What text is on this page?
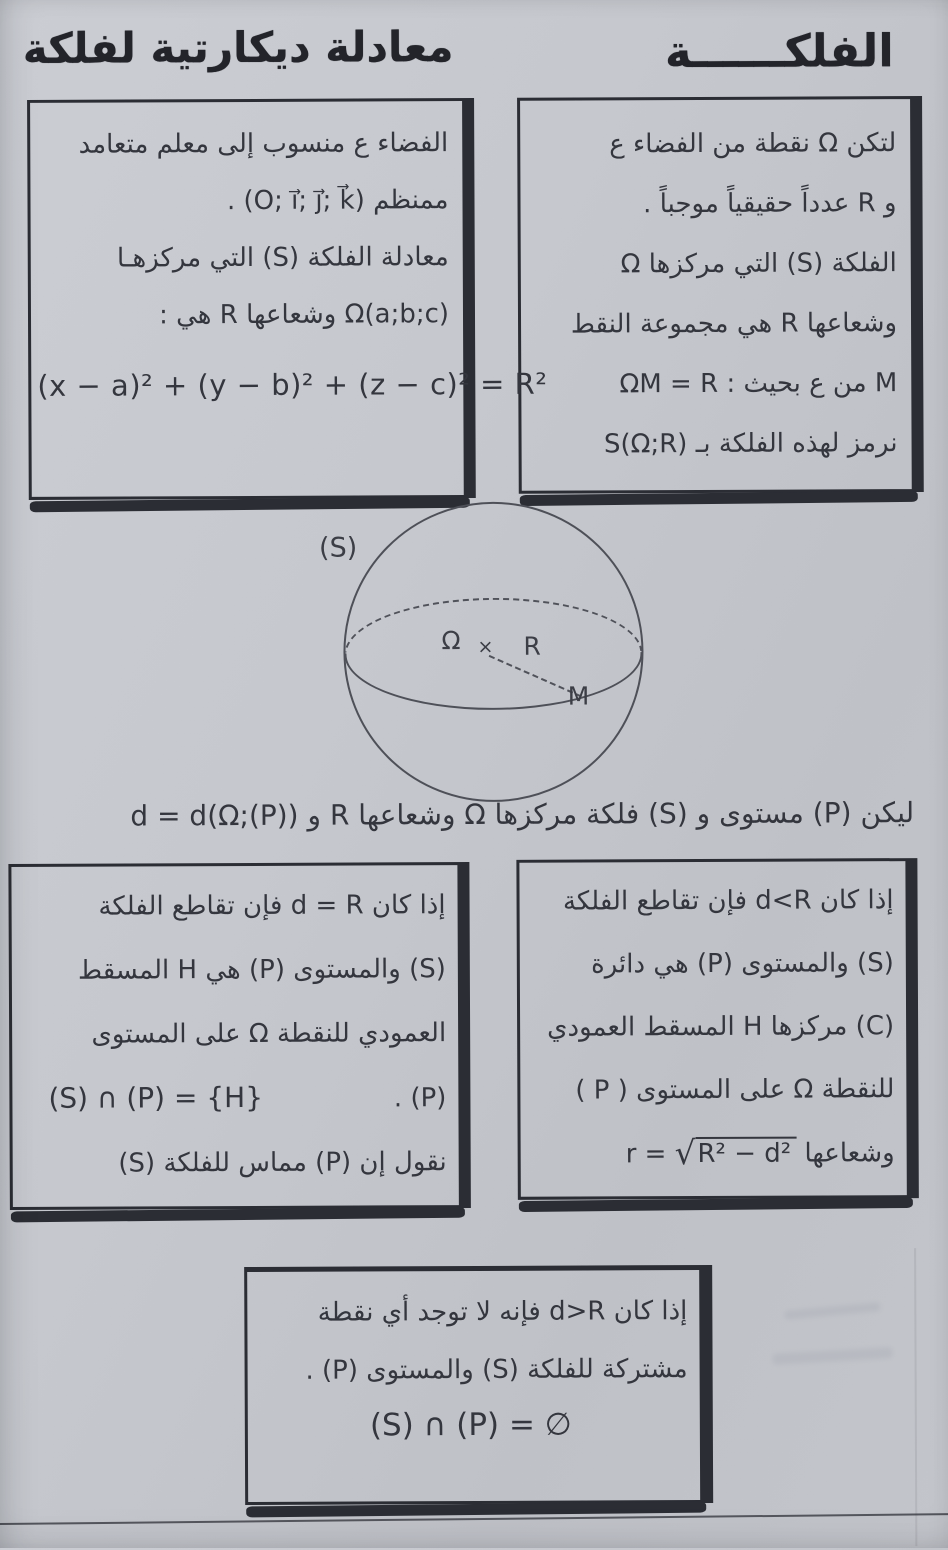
الفلكــــــة
معادلة ديكارتية لفلكة
لتكن Ω نقطة من الفضاء ع
و R عدداً حقيقياً موجباً .
الفلكة (S) التي مركزها Ω
وشعاعها R هي مجموعة النقط
M من ع بحيث : ΩM = R
نرمز لهذه الفلكة بـ S(Ω;R)
الفضاء ع منسوب إلى معلم متعامد
ممنظم (O; i⃗; j⃗; k⃗) .
معادلة الفلكة (S) التي مركزهـا
Ω(a;b;c) وشعاعها R هي :
(x − a)² + (y − b)² + (z − c)² = R²
(S)
Ω × R
M
ليكن (P) مستوى و (S) فلكة مركزها Ω وشعاعها R و d = d(Ω;(P))
إذا كان d<R فإن تقاطع الفلكة
(S) والمستوى (P) هي دائرة
(C) مركزها H المسقط العمودي
للنقطة Ω على المستوى ( P )
وشعاعها r = √R² − d²
إذا كان d = R فإن تقاطع الفلكة
(S) والمستوى (P) هي H المسقط
العمودي للنقطة Ω على المستوى
(P) .
(S) ∩ (P) = {H}
نقول إن (P) مماس للفلكة (S)
إذا كان d>R فإنه لا توجد أي نقطة
مشتركة للفلكة (S) والمستوى (P) .
(S) ∩ (P) = ∅
